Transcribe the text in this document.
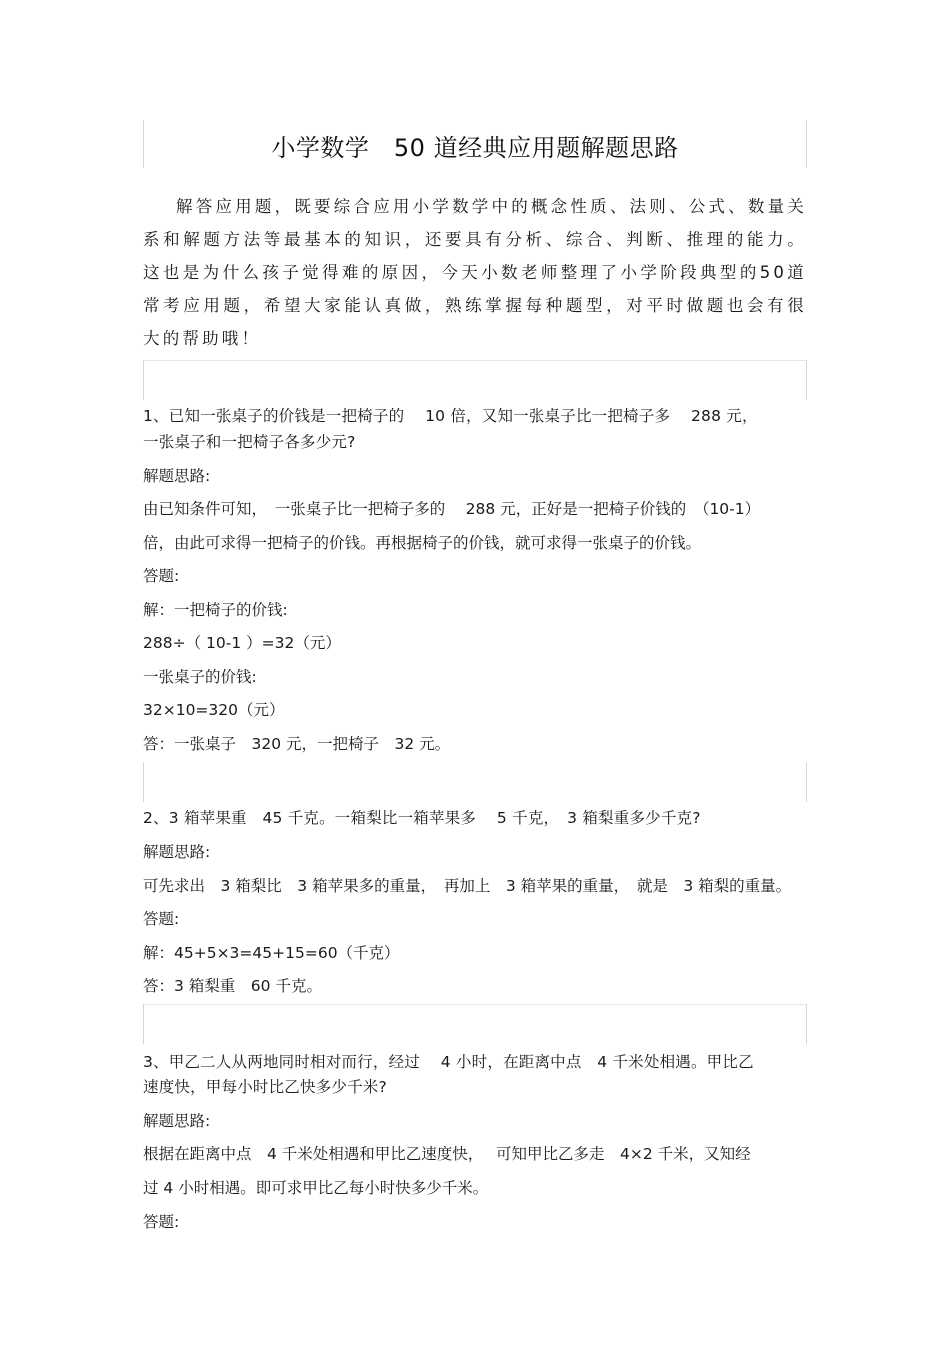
小学数学　50 道经典应用题解题思路
解答应用题，既要综合应用小学数学中的概念性质、法则、公式、数量关系和解题方法等最基本的知识，还要具有分析、综合、判断、推理的能力。这也是为什么孩子觉得难的原因，今天小数老师整理了小学阶段典型的50道常考应用题，希望大家能认真做，熟练掌握每种题型，对平时做题也会有很大的帮助哦！
1、已知一张桌子的价钱是一把椅子的　 10 倍，又知一张桌子比一把椅子多　 288 元，
一张桌子和一把椅子各多少元?
解题思路:
由已知条件可知，　一张桌子比一把椅子多的　 288 元，正好是一把椅子价钱的　（10-1）
倍，由此可求得一把椅子的价钱。再根据椅子的价钱，就可求得一张桌子的价钱。
答题:
解：一把椅子的价钱:
288÷（ 10-1 ）=32（元）
一张桌子的价钱:
32×10=320（元）
答：一张桌子　320 元，一把椅子　32 元。
2、3 箱苹果重　45 千克。一箱梨比一箱苹果多　 5 千克，　3 箱梨重多少千克?
解题思路:
可先求出　3 箱梨比　3 箱苹果多的重量，　再加上　3 箱苹果的重量，　就是　3 箱梨的重量。
答题:
解：45+5×3=45+15=60（千克）
答：3 箱梨重　60 千克。
3、甲乙二人从两地同时相对而行，经过　 4 小时，在距离中点　4 千米处相遇。甲比乙
速度快，甲每小时比乙快多少千米?
解题思路:
根据在距离中点　4 千米处相遇和甲比乙速度快，　 可知甲比乙多走　4×2 千米，又知经
过 4 小时相遇。即可求甲比乙每小时快多少千米。
答题:
